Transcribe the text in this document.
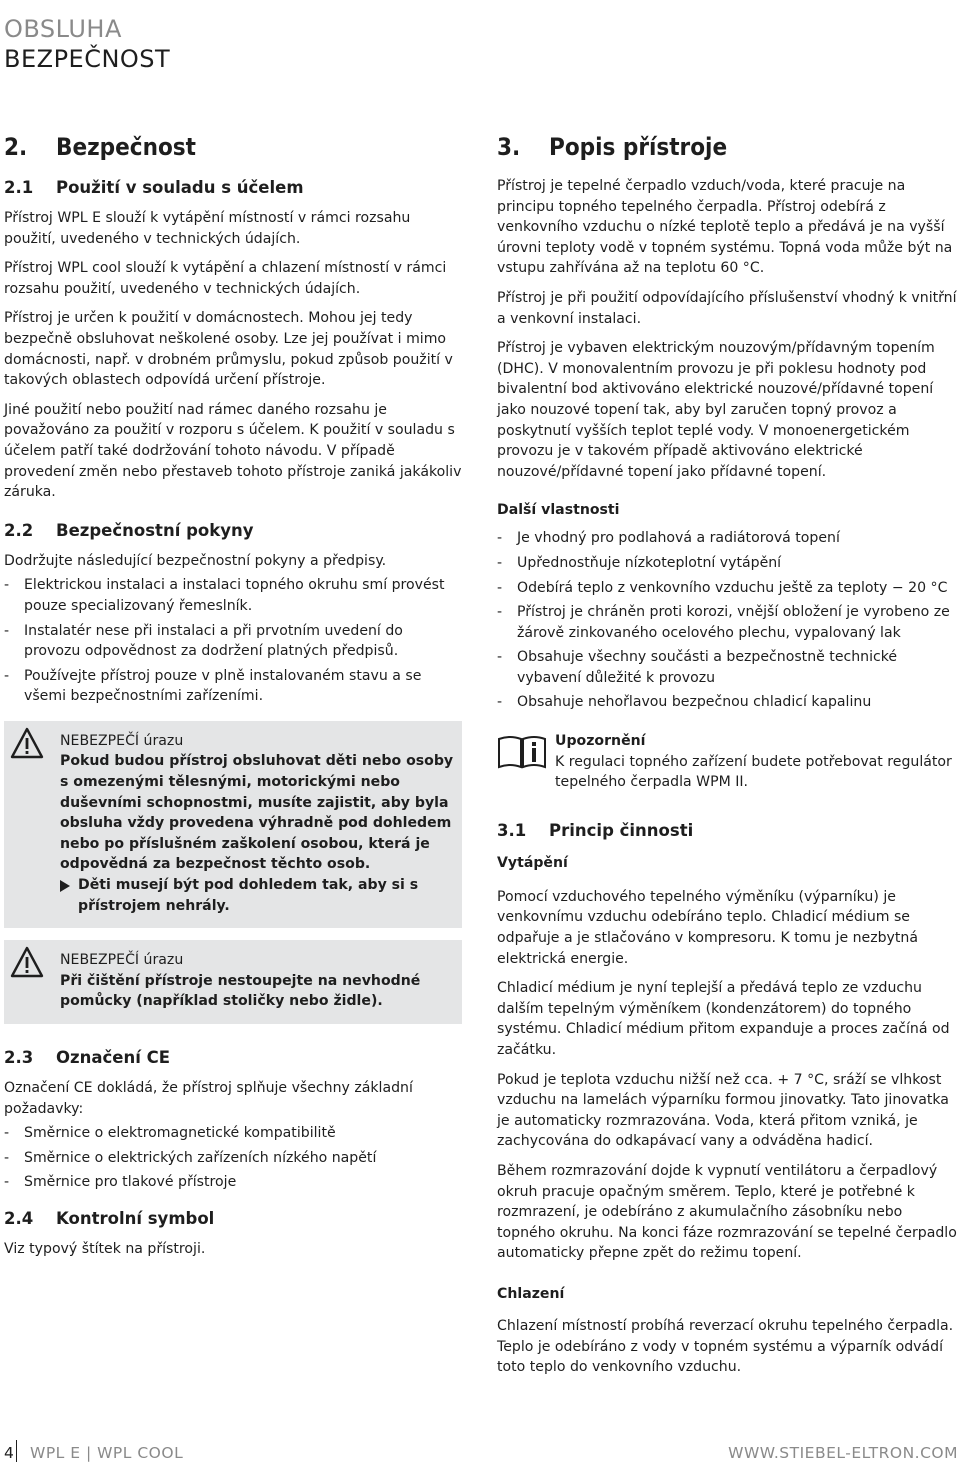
OBSLUHA
BEZPEČNOST
2.	Bezpečnost
2.1	Použití v souladu s účelem

Přístroj WPL E slouží k vytápění místností v rámci rozsahu použití, uvedeného v technických údajích.

Přístroj WPL cool slouží k vytápění a chlazení místností v rámci rozsahu použití, uvedeného v technických údajích.

Přístroj je určen k použití v domácnostech. Mohou jej tedy bezpečně obsluhovat neškolené osoby. Lze jej používat i mimo domácnosti, např. v drobném průmyslu, pokud způsob použití v takových oblastech odpovídá určení přístroje.

Jiné použití nebo použití nad rámec daného rozsahu je považováno za použití v rozporu s účelem. K použití v souladu s účelem patří také dodržování tohoto návodu. V případě provedení změn nebo přestaveb tohoto přístroje zaniká jakákoliv záruka.

2.2	Bezpečnostní pokyny

Dodržujte následující bezpečnostní pokyny a předpisy.

- Elektrickou instalaci a instalaci topného okruhu smí provést pouze specializovaný řemeslník.
- Instalatér nese při instalaci a při prvotním uvedení do provozu odpovědnost za dodržení platných předpisů.
- Používejte přístroj pouze v plně instalovaném stavu a se všemi bezpečnostními zařízeními.
NEBEZPEČÍ úrazu
Pokud budou přístroj obsluhovat děti nebo osoby s omezenými tělesnými, motorickými nebo duševními schopnostmi, musíte zajistit, aby byla obsluha vždy provedena výhradně pod dohledem nebo po příslušném zaškolení osobou, která je odpovědná za bezpečnost těchto osob.
Děti musejí být pod dohledem tak, aby si s přístrojem nehrály.
NEBEZPEČÍ úrazu
Při čištění přístroje nestoupejte na nevhodné pomůcky (například stoličky nebo židle).
2.3	Označení CE

Označení CE dokládá, že přístroj splňuje všechny základní požadavky:

- Směrnice o elektromagnetické kompatibilitě
- Směrnice o elektrických zařízeních nízkého napětí
- Směrnice pro tlakové přístroje
2.4	Kontrolní symbol

Viz typový štítek na přístroji.

3.	Popis přístroje

Přístroj je tepelné čerpadlo vzduch/voda, které pracuje na principu topného tepelného čerpadla. Přístroj odebírá z venkovního vzduchu o nízké teplotě teplo a předává je na vyšší úrovni teploty vodě v topném systému. Topná voda může být na vstupu zahřívána až na teplotu 60 °C.

Přístroj je při použití odpovídajícího příslušenství vhodný k vnitřní a venkovní instalaci.

Přístroj je vybaven elektrickým nouzovým/přídavným topením (DHC). V monovalentním provozu je při poklesu hodnoty pod bivalentní bod aktivováno elektrické nouzové/přídavné topení jako nouzové topení tak, aby byl zaručen topný provoz a poskytnutí vyšších teplot teplé vody. V monoenergetickém provozu je v takovém případě aktivováno elektrické nouzové/přídavné topení jako přídavné topení.

Další vlastnosti
- Je vhodný pro podlahová a radiátorová topení
- Upřednostňuje nízkoteplotní vytápění
- Odebírá teplo z venkovního vzduchu ještě za teploty − 20 °C
- Přístroj je chráněn proti korozi, vnější obložení je vyrobeno ze žárově zinkovaného ocelového plechu, vypalovaný lak
- Obsahuje všechny součásti a bezpečnostně technické vybavení důležité k provozu
- Obsahuje nehořlavou bezpečnou chladicí kapalinu
Upozornění

K regulaci topného zařízení budete potřebovat regulátor tepelného čerpadla WPM II.

3.1	Princip činnosti
Vytápění

Pomocí vzduchového tepelného výměníku (výparníku) je venkovnímu vzduchu odebíráno teplo. Chladicí médium se odpařuje a je stlačováno v kompresoru. K tomu je nezbytná elektrická energie.

Chladicí médium je nyní teplejší a předává teplo ze vzduchu dalším tepelným výměníkem (kondenzátorem) do topného systému. Chladicí médium přitom expanduje a proces začíná od začátku.

Pokud je teplota vzduchu nižší než cca. + 7 °C, sráží se vlhkost vzduchu na lamelách výparníku formou jinovatky. Tato jinovatka je automaticky rozmrazována. Voda, která přitom vzniká, je zachycována do odkapávací vany a odváděna hadicí.

Během rozmrazování dojde k vypnutí ventilátoru a čerpadlový okruh pracuje opačným směrem. Teplo, které je potřebné k rozmrazení, je odebíráno z akumulačního zásobníku nebo topného okruhu. Na konci fáze rozmrazování se tepelné čerpadlo automaticky přepne zpět do režimu topení.

Chlazení

Chlazení místností probíhá reverzací okruhu tepelného čerpadla. Teplo je odebíráno z vody v topném systému a výparník odvádí toto teplo do venkovního vzduchu.

4 WPL E | WPL COOL	WWW.STIEBEL-ELTRON.COM
